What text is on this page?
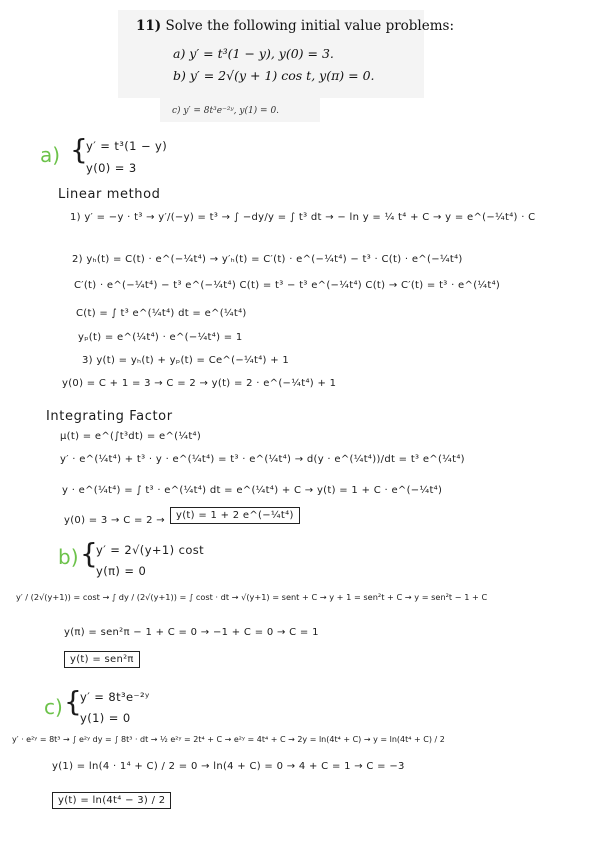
11) Solve the following initial value problems:
a) y′ = t³(1 − y), y(0) = 3.
b) y′ = 2√(y + 1) cos t, y(π) = 0.
c) y′ = 8t³e⁻²ʸ, y(1) = 0.
a) {
y′ = t³(1 − y)
y(0) = 3
Linear method
1) y′ = −y · t³ → y′/(−y) = t³ → ∫ −dy/y = ∫ t³ dt → − ln y = ¼ t⁴ + C → y = e^(−¼t⁴) · C
2) yₕ(t) = C(t) · e^(−¼t⁴) → y′ₕ(t) = C′(t) · e^(−¼t⁴) − t³ · C(t) · e^(−¼t⁴)
C′(t) · e^(−¼t⁴) − t³ e^(−¼t⁴) C(t) = t³ − t³ e^(−¼t⁴) C(t) → C′(t) = t³ · e^(¼t⁴)
C(t) = ∫ t³ e^(¼t⁴) dt = e^(¼t⁴)
yₚ(t) = e^(¼t⁴) · e^(−¼t⁴) = 1
3) y(t) = yₕ(t) + yₚ(t) = Ce^(−¼t⁴) + 1
y(0) = C + 1 = 3 → C = 2 → y(t) = 2 · e^(−¼t⁴) + 1
Integrating Factor
μ(t) = e^(∫t³dt) = e^(¼t⁴)
y′ · e^(¼t⁴) + t³ · y · e^(¼t⁴) = t³ · e^(¼t⁴) → d(y · e^(¼t⁴))/dt = t³ e^(¼t⁴)
y · e^(¼t⁴) = ∫ t³ · e^(¼t⁴) dt = e^(¼t⁴) + C → y(t) = 1 + C · e^(−¼t⁴)
y(0) = 3 → C = 2 →	y(t) = 1 + 2 e^(−¼t⁴)
b) {
y′ = 2√(y+1) cost
y(π) = 0
y′ / (2√(y+1)) = cost → ∫ dy / (2√(y+1)) = ∫ cost · dt → √(y+1) = sent + C → y + 1 = sen²t + C → y = sen²t − 1 + C
y(π) = sen²π − 1 + C = 0 → −1 + C = 0 → C = 1
y(t) = sen²π
c) {
y′ = 8t³e⁻²ʸ
y(1) = 0
y′ · e²ʸ = 8t³ → ∫ e²ʸ dy = ∫ 8t³ · dt → ½ e²ʸ = 2t⁴ + C → e²ʸ = 4t⁴ + C → 2y = ln(4t⁴ + C) → y = ln(4t⁴ + C) / 2
y(1) = ln(4 · 1⁴ + C) / 2 = 0 → ln(4 + C) = 0 → 4 + C = 1 → C = −3
y(t) = ln(4t⁴ − 3) / 2
